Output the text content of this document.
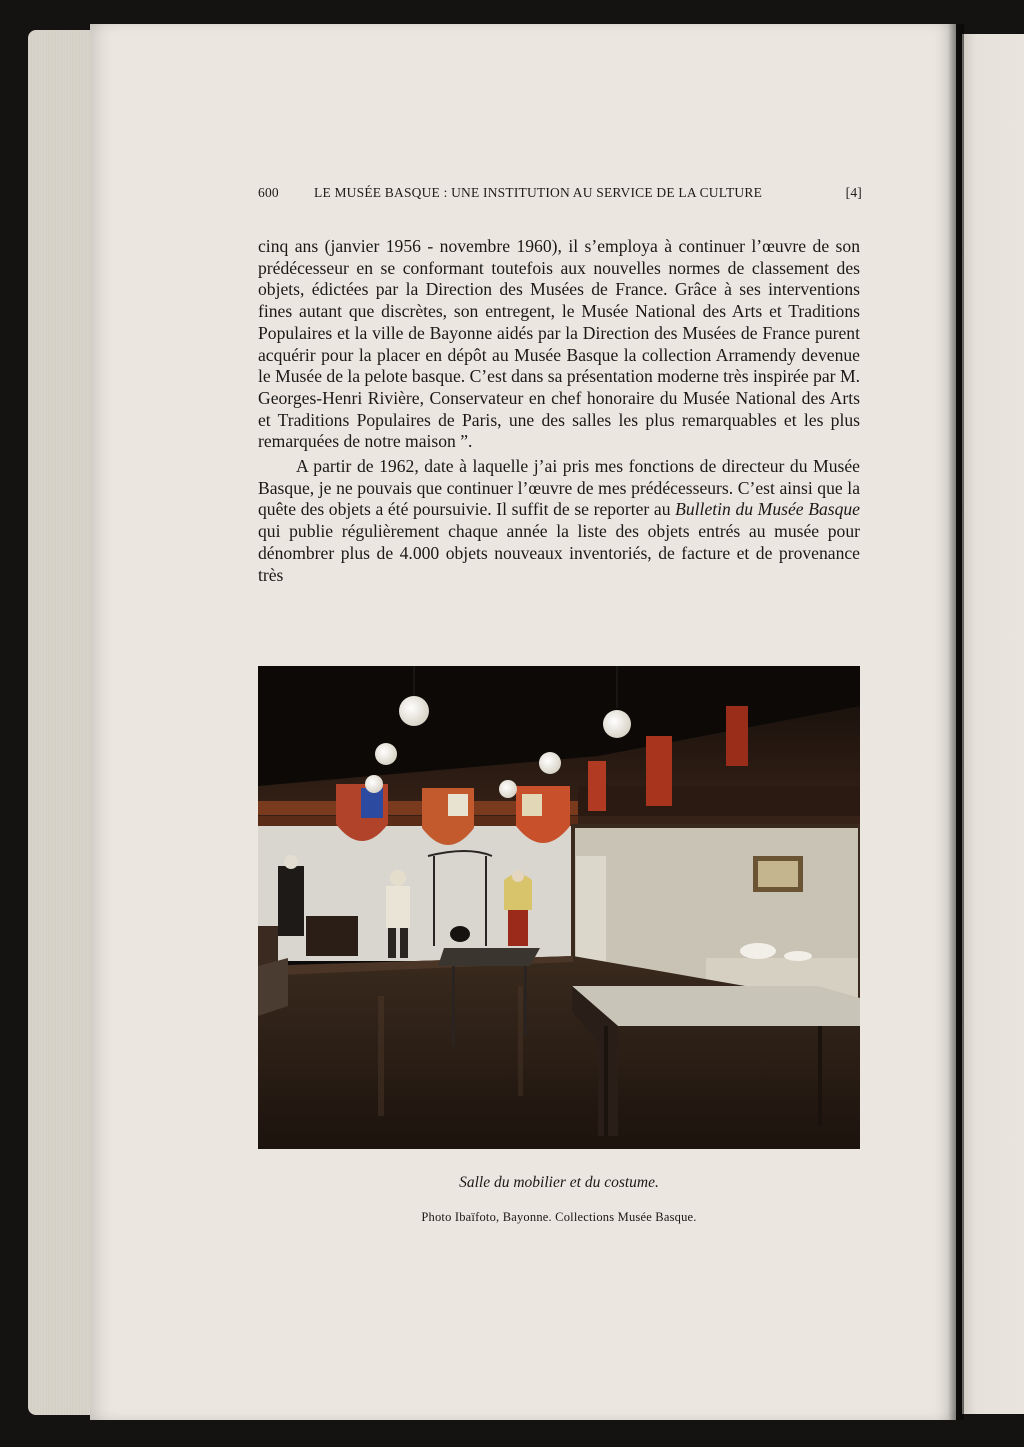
600	LE MUSÉE BASQUE : UNE INSTITUTION AU SERVICE DE LA CULTURE	[4]

cinq ans (janvier 1956 - novembre 1960), il s’employa à continuer l’œuvre de son prédécesseur en se conformant toutefois aux nouvelles normes de classement des objets, édictées par la Direction des Musées de France. Grâce à ses interventions fines autant que discrètes, son entregent, le Musée National des Arts et Traditions Populaires et la ville de Bayonne aidés par la Direction des Musées de France purent acquérir pour la placer en dépôt au Musée Basque la collection Arramendy devenue le Musée de la pelote basque. C’est dans sa présentation moderne très inspirée par M. Georges-Henri Rivière, Conservateur en chef honoraire du Musée National des Arts et Traditions Populaires de Paris, une des salles les plus remarquables et les plus remarquées de notre maison ”.

A partir de 1962, date à laquelle j’ai pris mes fonctions de directeur du Musée Basque, je ne pouvais que continuer l’œuvre de mes prédécesseurs. C’est ainsi que la quête des objets a été poursuivie. Il suffit de se reporter au Bulletin du Musée Basque qui publie régulièrement chaque année la liste des objets entrés au musée pour dénombrer plus de 4.000 objets nouveaux inventoriés, de facture et de provenance très

Salle du mobilier et du costume.
Photo Ibaïfoto, Bayonne. Collections Musée Basque.
